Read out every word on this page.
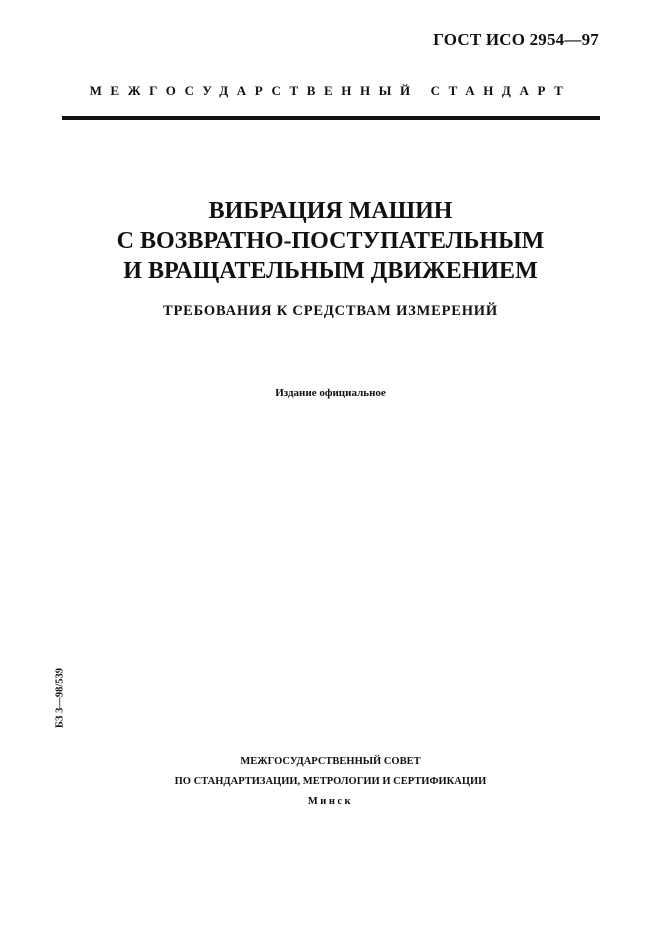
ГОСТ ИСО 2954—97
МЕЖГОСУДАРСТВЕННЫЙ СТАНДАРТ
ВИБРАЦИЯ МАШИН
С ВОЗВРАТНО-ПОСТУПАТЕЛЬНЫМ
И ВРАЩАТЕЛЬНЫМ ДВИЖЕНИЕМ
ТРЕБОВАНИЯ К СРЕДСТВАМ ИЗМЕРЕНИЙ
Издание официальное
БЗ 3—98/539
МЕЖГОСУДАРСТВЕННЫЙ СОВЕТ
ПО СТАНДАРТИЗАЦИИ, МЕТРОЛОГИИ И СЕРТИФИКАЦИИ
Минск
